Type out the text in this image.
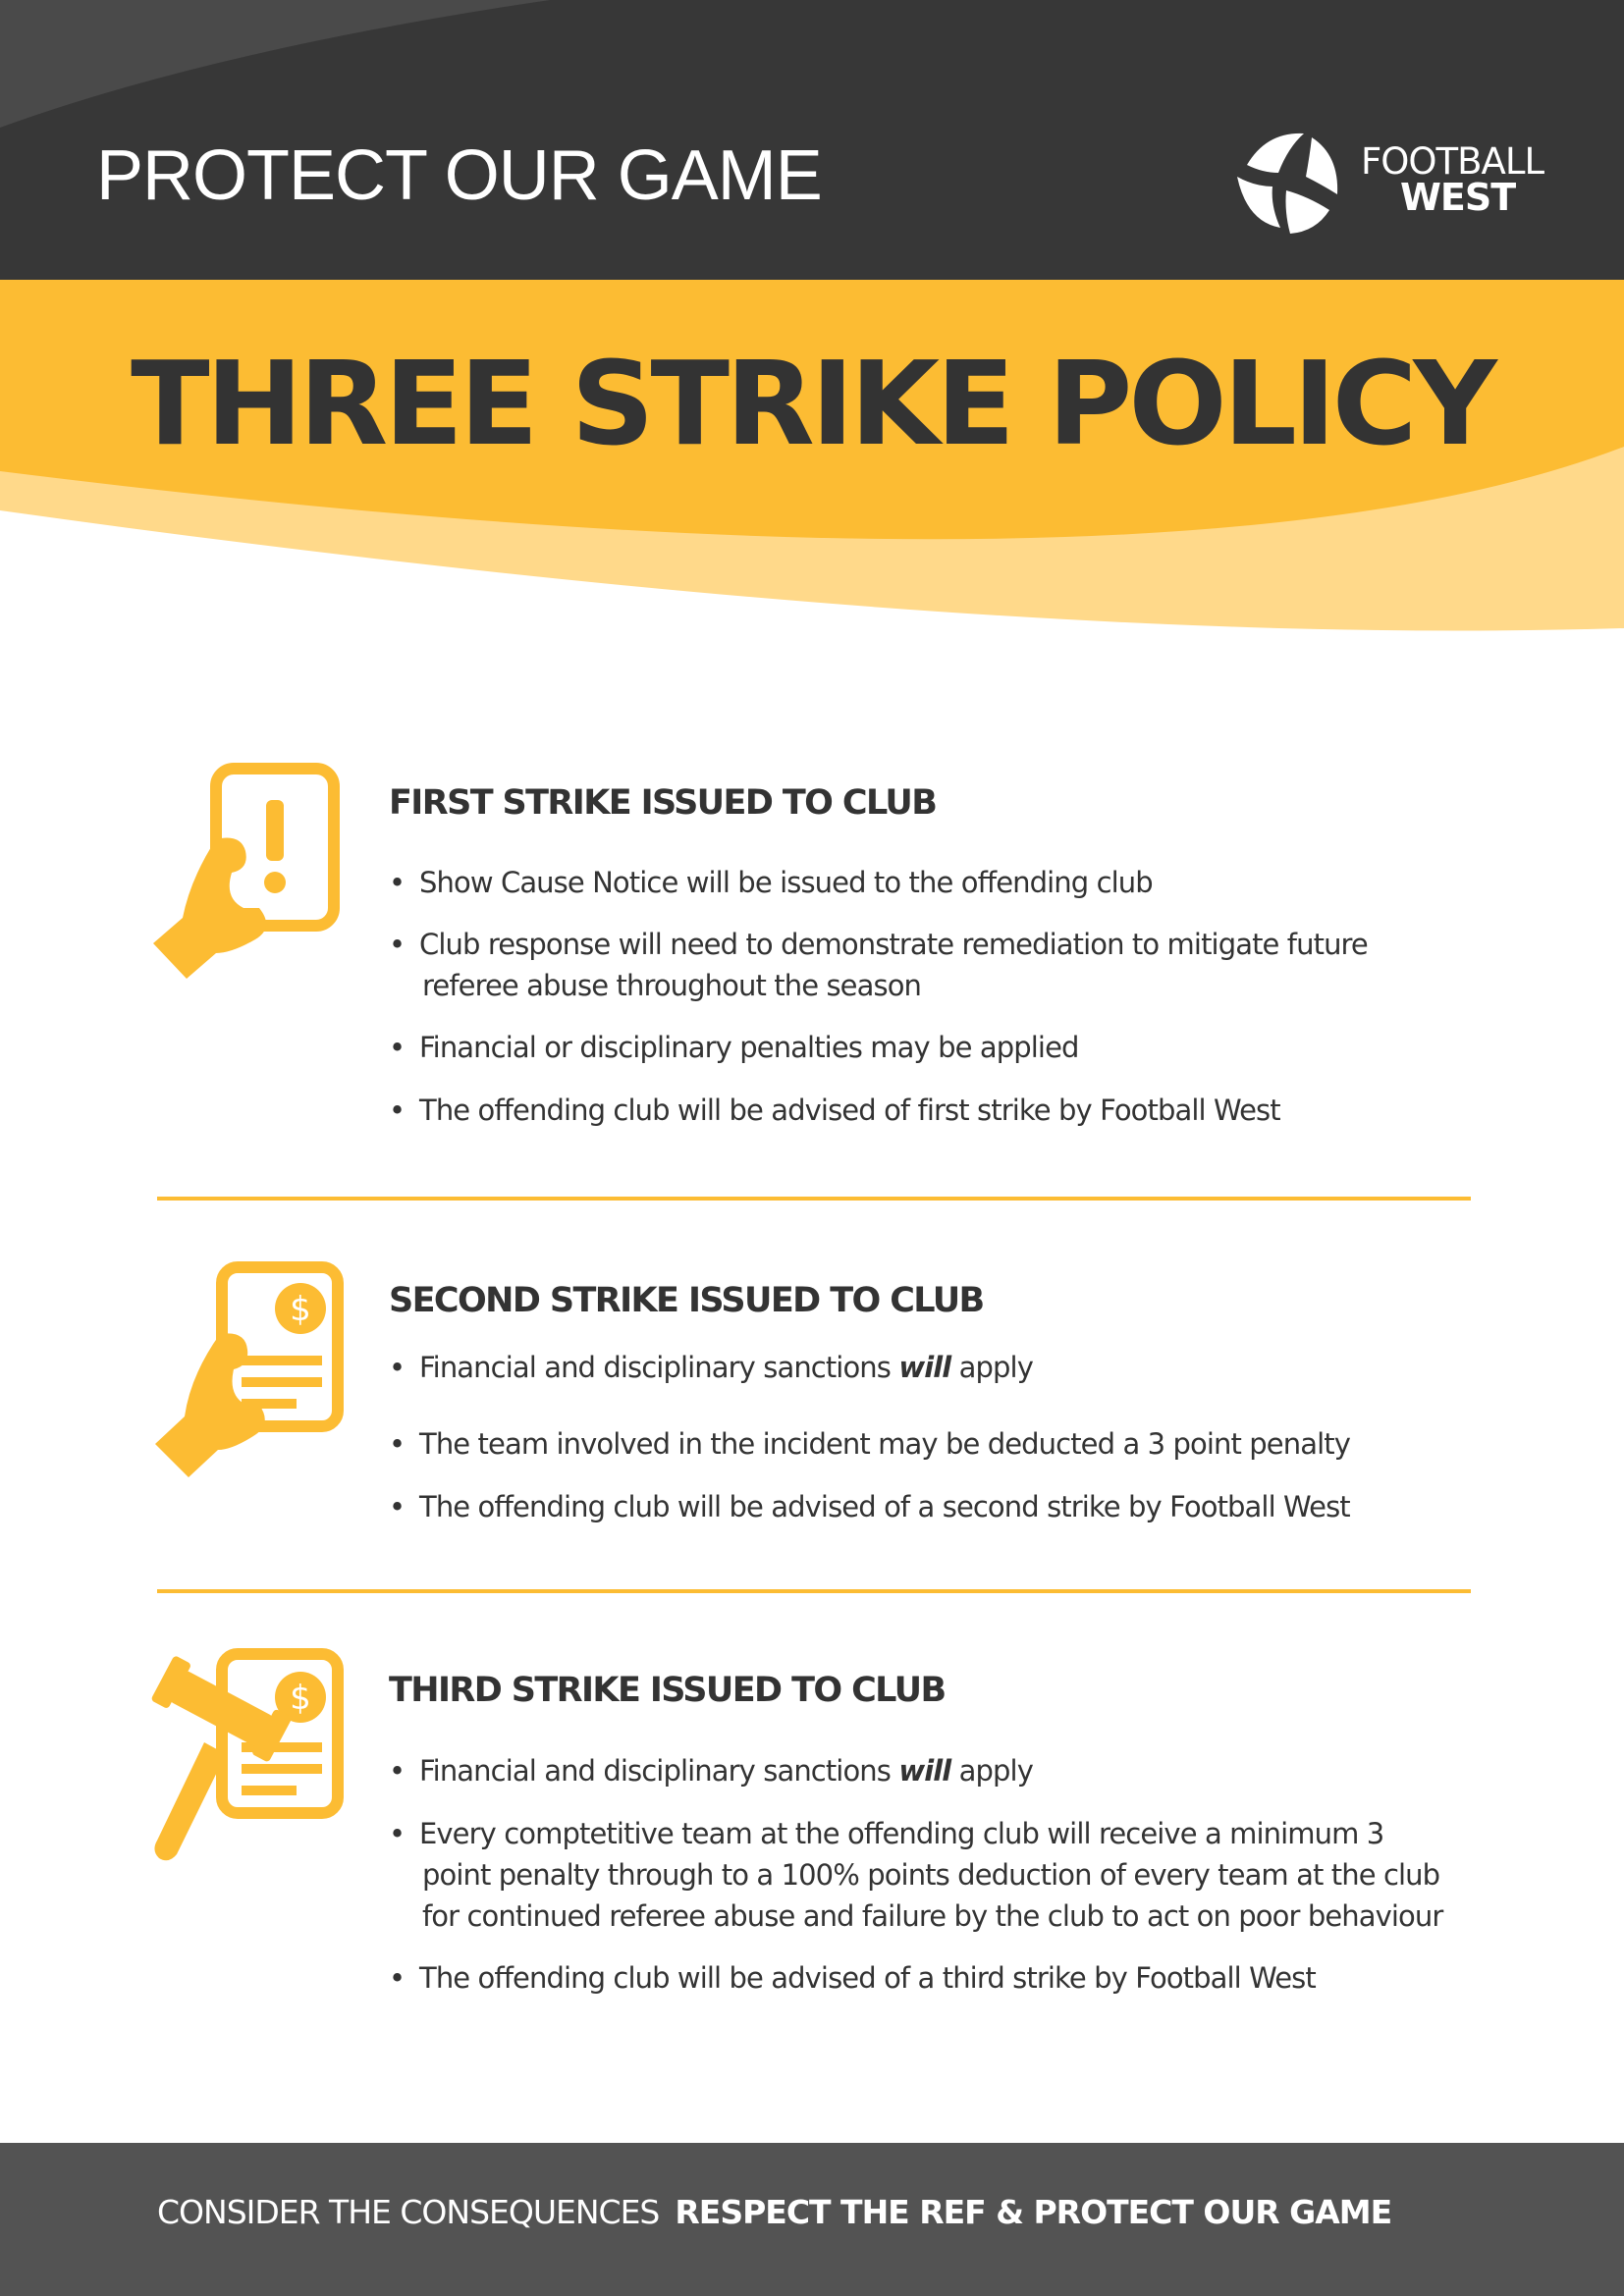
PROTECT OUR GAME	FOOTBALL
WEST
THREE STRIKE POLICY
FIRST STRIKE ISSUED TO CLUB
• Show Cause Notice will be issued to the offending club
• Club response will need to demonstrate remediation to mitigate future
referee abuse throughout the season
• Financial or disciplinary penalties may be applied
• The offending club will be advised of first strike by Football West
$ SECOND STRIKE ISSUED TO CLUB
• Financial and disciplinary sanctions will apply
• The team involved in the incident may be deducted a 3 point penalty
• The offending club will be advised of a second strike by Football West
$ THIRD STRIKE ISSUED TO CLUB
• Financial and disciplinary sanctions will apply
• Every comptetitive team at the offending club will receive a minimum 3
point penalty through to a 100% points deduction of every team at the club
for continued referee abuse and failure by the club to act on poor behaviour
• The offending club will be advised of a third strike by Football West
CONSIDER THE CONSEQUENCES RESPECT THE REF & PROTECT OUR GAME
